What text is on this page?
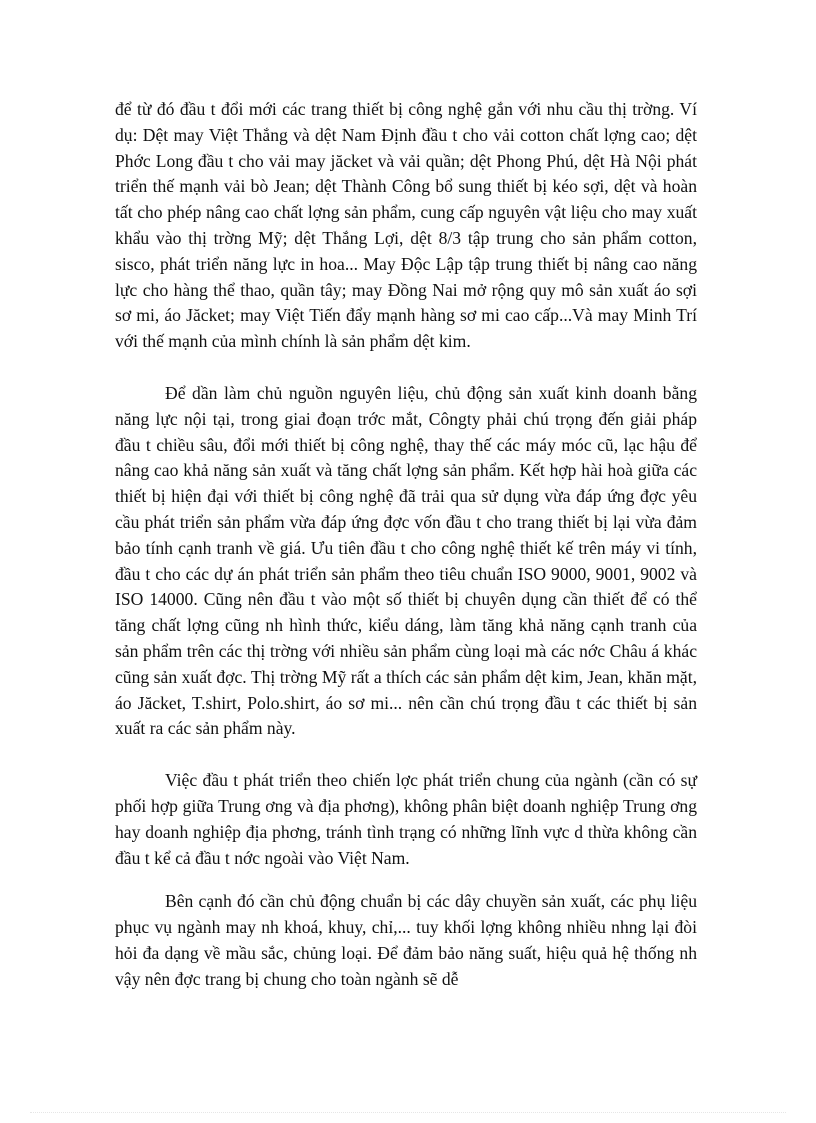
để từ đó đầu t đổi mới các trang thiết bị công nghệ gắn với nhu cầu thị trờng. Ví dụ: Dệt may Việt Thắng và dệt Nam Định đầu t cho vải cotton chất lợng cao; dệt Phớc Long đầu t cho vải may jăcket và vải quần; dệt Phong Phú, dệt Hà Nội phát triển thế mạnh vải bò Jean; dệt Thành Công bổ sung thiết bị kéo sợi, dệt và hoàn tất cho phép nâng cao chất lợng sản phẩm, cung cấp nguyên vật liệu cho may xuất khẩu vào thị trờng Mỹ; dệt Thắng Lợi, dệt 8/3 tập trung cho sản phẩm cotton, sisco, phát triển năng lực in hoa... May Độc Lập tập trung thiết bị nâng cao năng lực cho hàng thể thao, quần tây; may Đồng Nai mở rộng quy mô sản xuất áo sợi sơ mi, áo Jăcket; may Việt Tiến đẩy mạnh hàng sơ mi cao cấp...Và may Minh Trí với thế mạnh của mình chính là sản phẩm dệt kim.

Để dần làm chủ nguồn nguyên liệu, chủ động sản xuất kinh doanh bằng năng lực nội tại, trong giai đoạn trớc mắt, Côngty phải chú trọng đến giải pháp đầu t chiều sâu, đổi mới thiết bị công nghệ, thay thế các máy móc cũ, lạc hậu để nâng cao khả năng sản xuất và tăng chất lợng sản phẩm. Kết hợp hài hoà giữa các thiết bị hiện đại với thiết bị công nghệ đã trải qua sử dụng vừa đáp ứng đợc yêu cầu phát triển sản phẩm vừa đáp ứng đợc vốn đầu t cho trang thiết bị lại vừa đảm bảo tính cạnh tranh về giá. Ưu tiên đầu t cho công nghệ thiết kế trên máy vi tính, đầu t cho các dự án phát triển sản phẩm theo tiêu chuẩn ISO 9000, 9001, 9002 và ISO 14000. Cũng nên đầu t vào một số thiết bị chuyên dụng cần thiết để có thể tăng chất lợng cũng nh hình thức, kiểu dáng, làm tăng khả năng cạnh tranh của sản phẩm trên các thị trờng với nhiều sản phẩm cùng loại mà các nớc Châu á khác cũng sản xuất đợc. Thị trờng Mỹ rất a thích các sản phẩm dệt kim, Jean, khăn mặt, áo Jăcket, T.shirt, Polo.shirt, áo sơ mi... nên cần chú trọng đầu t các thiết bị sản xuất ra các sản phẩm này.

Việc đầu t phát triển theo chiến lợc phát triển chung của ngành (cần có sự phối hợp giữa Trung ơng và địa phơng), không phân biệt doanh nghiệp Trung ơng hay doanh nghiệp địa phơng, tránh tình trạng có những lĩnh vực d thừa không cần đầu t kể cả đầu t nớc ngoài vào Việt Nam.

Bên cạnh đó cần chủ động chuẩn bị các dây chuyền sản xuất, các phụ liệu phục vụ ngành may nh khoá, khuy, chỉ,... tuy khối lợng không nhiều nhng lại đòi hỏi đa dạng về mầu sắc, chủng loại. Để đảm bảo năng suất, hiệu quả hệ thống nh vậy nên đợc trang bị chung cho toàn ngành sẽ dễ
